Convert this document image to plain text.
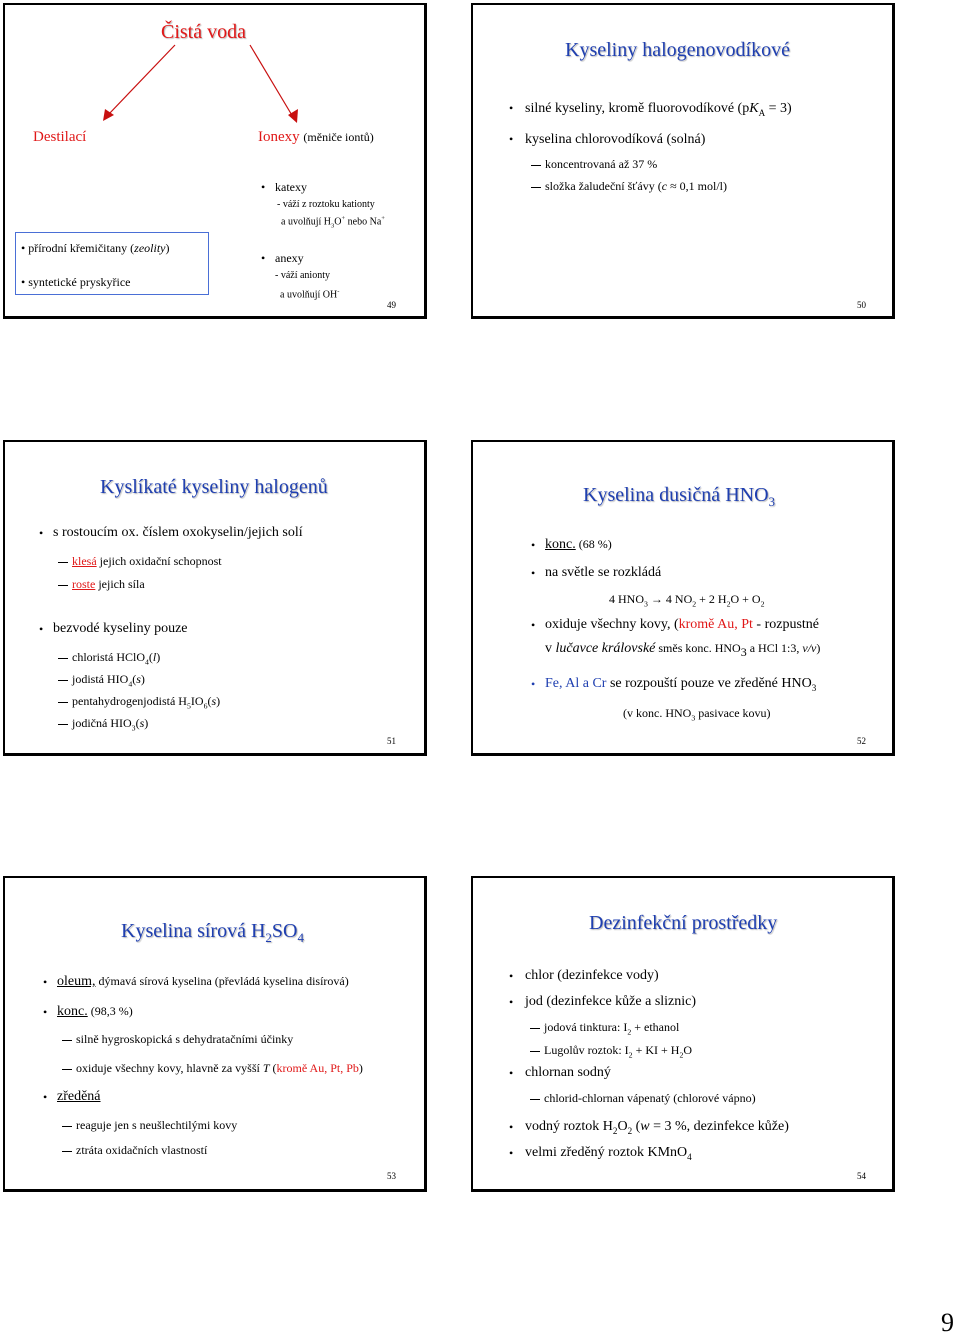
Čistá voda
Destilací	Ionexy (měniče iontů)
• katexy
- váží z roztoku kationty
a uvolňují $H_3O^+$ nebo Na+
• anexy
- váží anionty
a uvolňují OH-
• přírodní křemičitany (zeolity)
• syntetické pryskyřice
49
Kyseliny halogenovodíkové
• silné kyseliny, kromě fluorovodíkové $(pK_A = 3)$
• kyselina chlorovodíková (solná)
koncentrovaná až 37 %
složka žaludeční šťávy (c ≈ 0,1 mol/l)
50
Kyslíkaté kyseliny halogenů
• s rostoucím ox. číslem oxokyselin/jejich solí
klesá jejich oxidační schopnost
roste jejich síla
• bezvodé kyseliny pouze
chloristá HClO$_4$(l)
jodistá $HIO_4(s)$
pentahydrogenjodistá $H_5IO_6(s)$
jodičná $HIO_3(s)$
51
Kyselina dusičná $HNO_3$
• konc. (68 %)
• na světle se rozkládá
4 $HNO_3 \to 4$ $NO_2 + 2$ $H_2O + O_2$
• oxiduje všechny kovy, (kromě Au, Pt - rozpustné
v lučavce královské směs konc. $HNO_3$ a HCl 1:3, v/v)
• Fe, Al a Cr se rozpouští pouze ve zředěné $HNO_3$
(v konc. $HNO_3$ pasivace kovu)
52
Kyselina sírová $H_2SO_4$
• oleum, dýmavá sírová kyselina (převládá kyselina disírová)
• konc. (98,3 %)
silně hygroskopická s dehydratačními účinky
oxiduje všechny kovy, hlavně za vyšší T (kromě Au, Pt, Pb)
• zředěná
reaguje jen s neušlechtilými kovy
ztráta oxidačních vlastností
53
Dezinfekční prostředky
• chlor (dezinfekce vody)
• jod (dezinfekce kůže a sliznic)
jodová tinktura: $I_2$ + ethanol
Lugolův roztok: $I_2$ + KI + $H_2O$
• chlornan sodný
chlorid-chlornan vápenatý (chlorové vápno)
• vodný roztok $H_2O_2$ (w = 3 %, dezinfekce kůže)
• velmi zředěný roztok KMnO$_4$
54
9
